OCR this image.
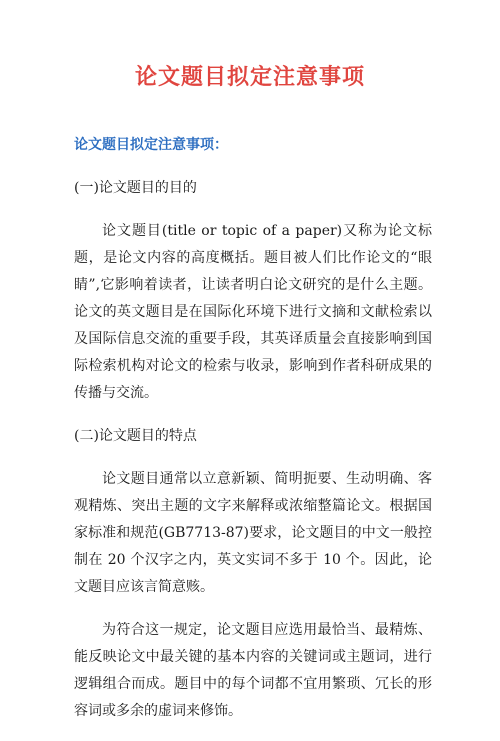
论文题目拟定注意事项

论文题目拟定注意事项：

(一)论文题目的目的

论文题目(title or topic of a paper)又称为论文标题，是论文内容的高度概括。题目被人们比作论文的“眼睛”,它影响着读者，让读者明白论文研究的是什么主题。论文的英文题目是在国际化环境下进行文摘和文献检索以及国际信息交流的重要手段，其英译质量会直接影响到国际检索机构对论文的检索与收录，影响到作者科研成果的传播与交流。

(二)论文题目的特点

论文题目通常以立意新颖、简明扼要、生动明确、客观精炼、突出主题的文字来解释或浓缩整篇论文。根据国家标准和规范(GB7713-87)要求，论文题目的中文一般控制在 20 个汉字之内，英文实词不多于 10 个。因此，论文题目应该言简意赅。

为符合这一规定，论文题目应选用最恰当、最精炼、能反映论文中最关键的基本内容的关键词或主题词，进行逻辑组合而成。题目中的每个词都不宜用繁琐、冗长的形容词或多余的虚词来修饰。
